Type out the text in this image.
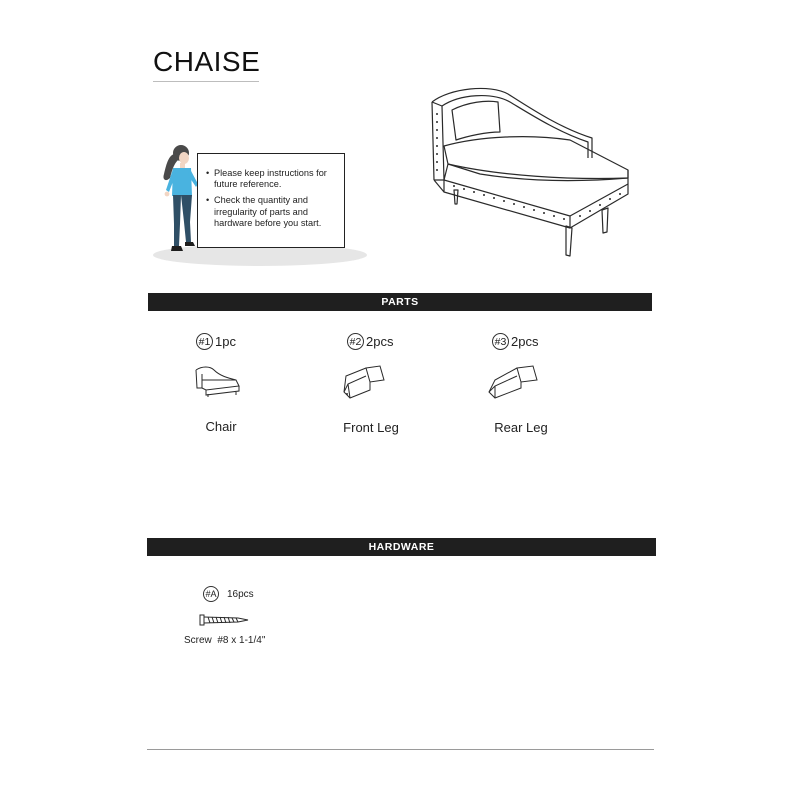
CHAISE
• Please keep instructions for future reference.
• Check the quantity and irregularity of parts and hardware before you start.
PARTS
#1 1pc
Chair
#2 2pcs
Front Leg
#3 2pcs
Rear Leg
HARDWARE
#A 16pcs
Screw  #8 x 1-1/4"
